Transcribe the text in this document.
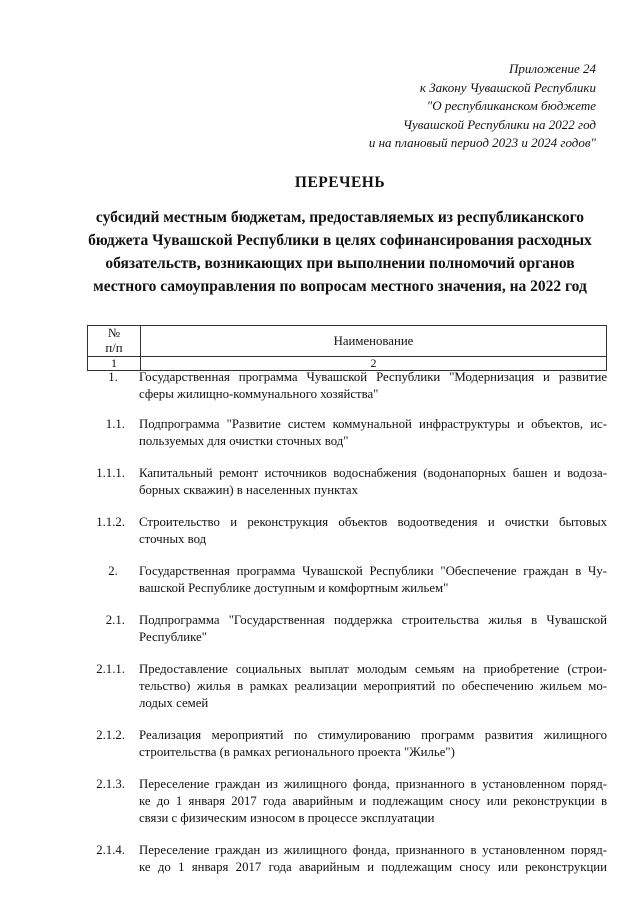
Приложение 24
к Закону Чувашской Республики
"О республиканском бюджете
Чувашской Республики на 2022 год
и на плановый период 2023 и 2024 годов"
ПЕРЕЧЕНЬ
субсидий местным бюджетам, предоставляемых из республиканского
бюджета Чувашской Республики в целях софинансирования расходных
обязательств, возникающих при выполнении полномочий органов
местного самоуправления по вопросам местного значения, на 2022 год
№
п/п	Наименование
1	2
1.	Государственная программа Чувашской Республики "Модернизация и развитие
сферы жилищно-коммунального хозяйства"
1.1.	Подпрограмма "Развитие систем коммунальной инфраструктуры и объектов, ис-
пользуемых для очистки сточных вод"
1.1.1.	Капитальный ремонт источников водоснабжения (водонапорных башен и водоза-
борных скважин) в населенных пунктах
1.1.2.	Строительство и реконструкция объектов водоотведения и очистки бытовых
сточных вод
2.	Государственная программа Чувашской Республики "Обеспечение граждан в Чу-
вашской Республике доступным и комфортным жильем"
2.1.	Подпрограмма "Государственная поддержка строительства жилья в Чувашской
Республике"
2.1.1.	Предоставление социальных выплат молодым семьям на приобретение (строи-
тельство) жилья в рамках реализации мероприятий по обеспечению жильем мо-
лодых семей
2.1.2.	Реализация мероприятий по стимулированию программ развития жилищного
строительства (в рамках регионального проекта "Жилье")
2.1.3.	Переселение граждан из жилищного фонда, признанного в установленном поряд-
ке до 1 января 2017 года аварийным и подлежащим сносу или реконструкции в
связи с физическим износом в процессе эксплуатации
2.1.4.	Переселение граждан из жилищного фонда, признанного в установленном поряд-
ке до 1 января 2017 года аварийным и подлежащим сносу или реконструкции
